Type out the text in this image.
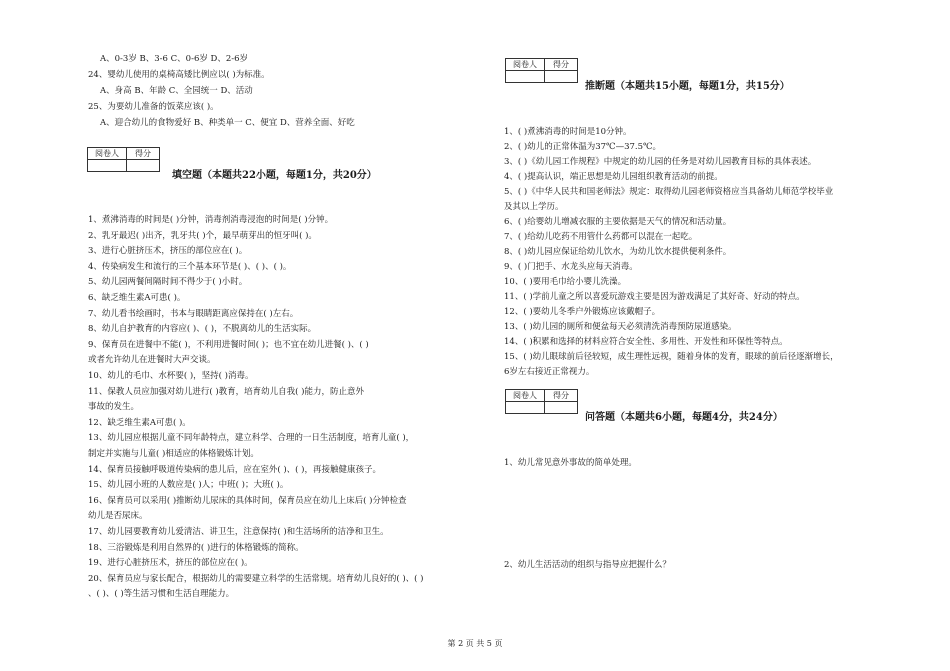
A、0-3岁 B、3-6 C、0-6岁 D、2-6岁
24、婴幼儿使用的桌椅高矮比例应以( )为标准。
A、身高 B、年龄 C、全园统一 D、活动
25、为要幼儿准备的饭菜应该( )。
A、迎合幼儿的食物爱好 B、种类单一 C、便宜 D、营养全面、好吃
阅卷人	得分

填空题（本题共22小题，每题1分，共20分）
1、煮沸消毒的时间是( )分钟，消毒剂消毒浸泡的时间是( )分钟。
2、乳牙最迟( )出齐，乳牙共( )个，最早萌芽出的恒牙叫( )。
3、进行心脏挤压术，挤压的部位应在( )。
4、传染病发生和流行的三个基本环节是( )、( )、( )。
5、幼儿园两餐间隔时间不得少于( )小时。
6、缺乏维生素A可患( )。
7、幼儿看书绘画时，书本与眼睛距离应保持在( )左右。
8、幼儿自护教育的内容应( )、( )，不脱离幼儿的生活实际。
9、保育员在进餐中不能( )，不利用进餐时间( )；也不宜在幼儿进餐( )、( )
或者允许幼儿在进餐时大声交谈。
10、幼儿的毛巾、水杯要( )，坚持( )消毒。
11、保教人员应加强对幼儿进行( )教育，培育幼儿自我( )能力，防止意外
事故的发生。
12、缺乏维生素A可患( )。
13、幼儿园应根据儿童不同年龄特点，建立科学、合理的一日生活制度，培育儿童( )，
制定并实施与儿童( )相适应的体格锻炼计划。
14、保育员接触呼吸道传染病的患儿后，应在室外( )、( )，再接触健康孩子。
15、幼儿园小班的人数应是( )人；中班( )；大班( )。
16、保育员可以采用( )推断幼儿尿床的具体时间，保育员应在幼儿上床后( )分钟检查
幼儿是否尿床。
17、幼儿园要教育幼儿爱清洁、讲卫生，注意保持( )和生活场所的洁净和卫生。
18、三浴锻炼是利用自然界的( )进行的体格锻炼的简称。
19、进行心脏挤压术，挤压的部位应在( )。
20、保育员应与家长配合，根据幼儿的需要建立科学的生活常规。培育幼儿良好的( )、( )
、( )、( )等生活习惯和生活自理能力。
阅卷人	得分

推断题（本题共15小题，每题1分，共15分）
1、( )煮沸消毒的时间是10分钟。
2、( )幼儿的正常体温为37℃—37.5℃。
3、( )《幼儿园工作规程》中规定的幼儿园的任务是对幼儿园教育目标的具体表述。
4、( )提高认识，端正思想是幼儿园组织教育活动的前提。
5、( )《中华人民共和国老师法》规定：取得幼儿园老师资格应当具备幼儿师范学校毕业
及其以上学历。
6、( )给婴幼儿增减衣服的主要依据是天气的情况和活动量。
7、( )给幼儿吃药不用管什么药都可以混在一起吃。
8、( )幼儿园应保证给幼儿饮水，为幼儿饮水提供便利条件。
9、( )门把手、水龙头应每天消毒。
10、( )要用毛巾给小婴儿洗澡。
11、( )学前儿童之所以喜爱玩游戏主要是因为游戏满足了其好奇、好动的特点。
12、( )要幼儿冬季户外锻炼应该戴帽子。
13、( )幼儿园的厕所和便盆每天必须清洗消毒预防尿道感染。
14、( )积累和选择的材料应符合安全性、多用性、开发性和环保性等特点。
15、( )幼儿眼球前后径较短，成生理性远视，随着身体的发育，眼球的前后径逐渐增长，
6岁左右接近正常视力。
阅卷人	得分

问答题（本题共6小题，每题4分，共24分）
1、幼儿常见意外事故的简单处理。
2、幼儿生活活动的组织与指导应把握什么？
第 2 页 共 5 页
